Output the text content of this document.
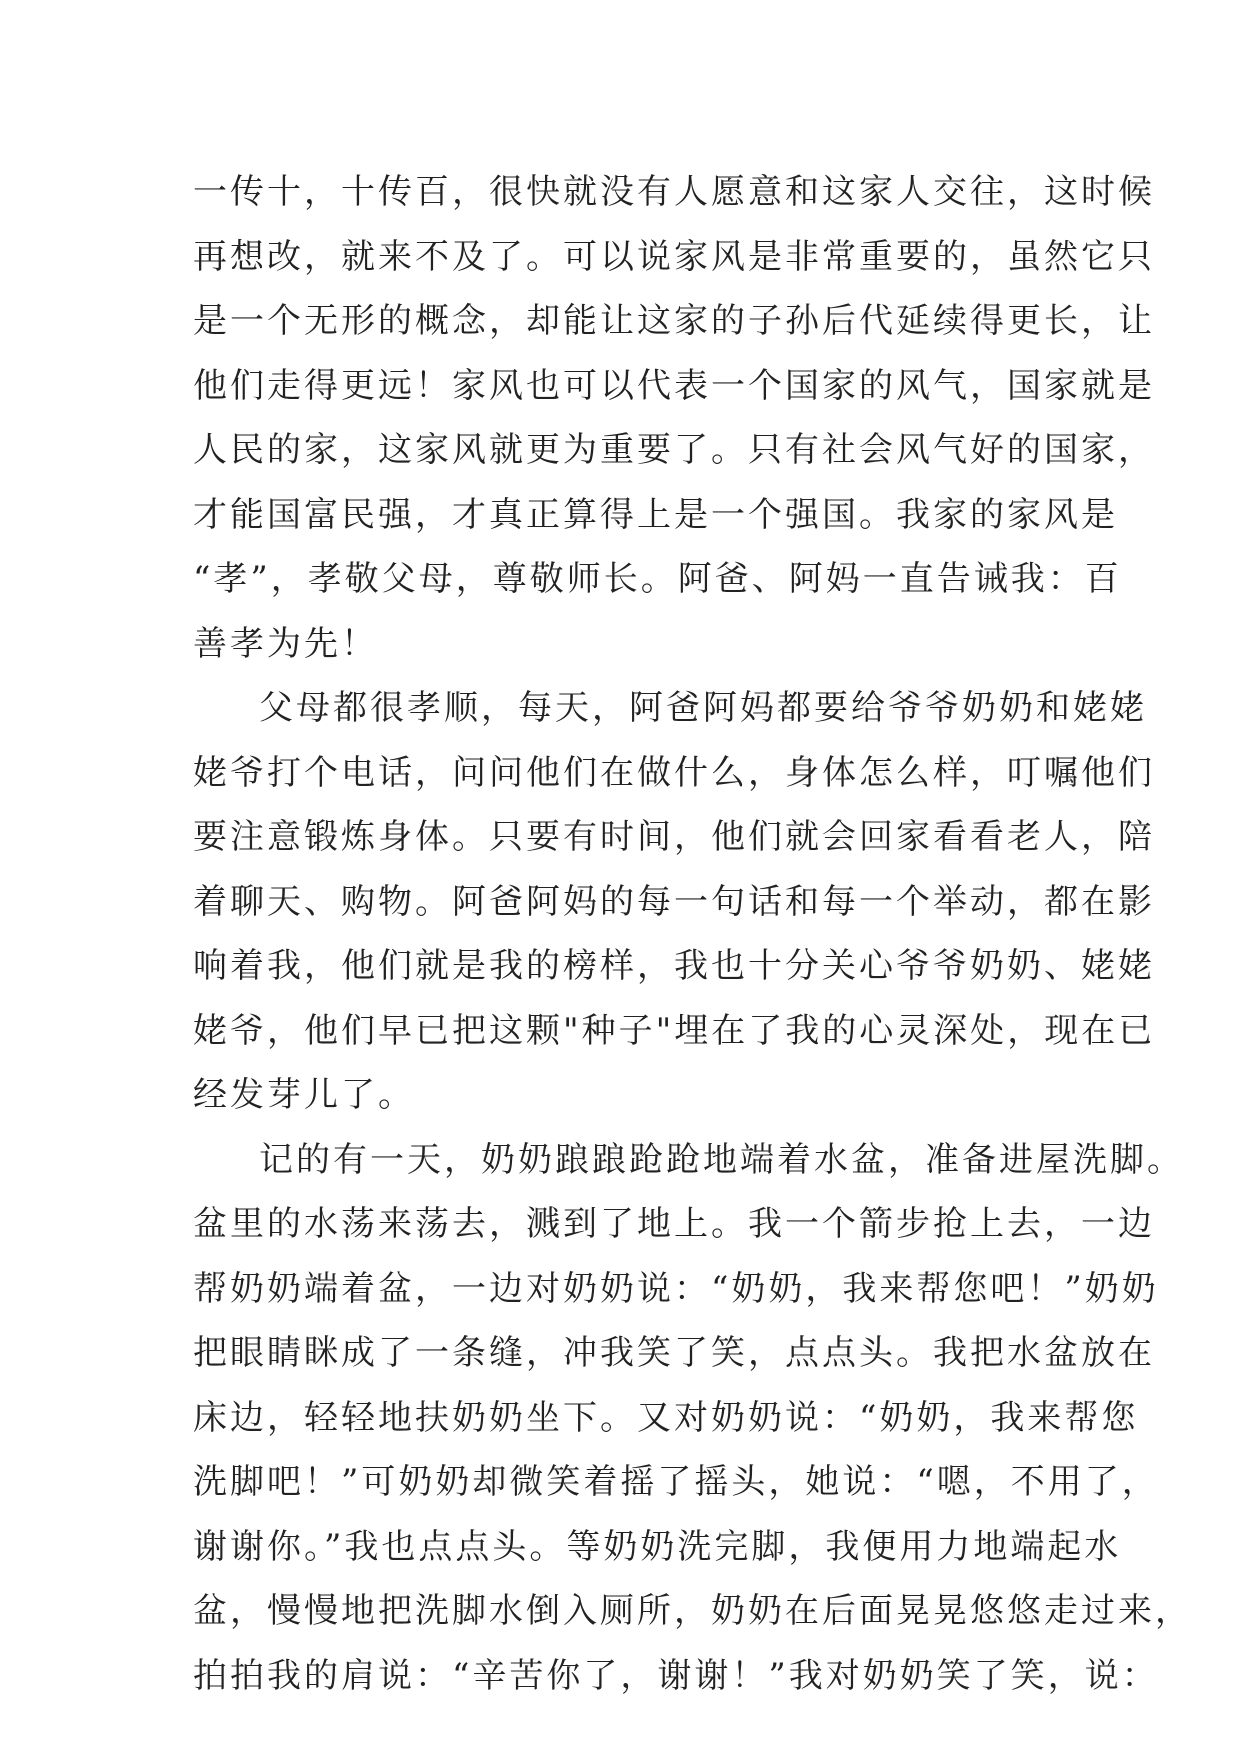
一传十，十传百，很快就没有人愿意和这家人交往，这时候
再想改，就来不及了。可以说家风是非常重要的，虽然它只
是一个无形的概念，却能让这家的子孙后代延续得更长，让
他们走得更远！家风也可以代表一个国家的风气，国家就是
人民的家，这家风就更为重要了。只有社会风气好的国家，
才能国富民强，才真正算得上是一个强国。我家的家风是
“孝”，孝敬父母，尊敬师长。阿爸、阿妈一直告诫我：百
善孝为先！
父母都很孝顺，每天，阿爸阿妈都要给爷爷奶奶和姥姥
姥爷打个电话，问问他们在做什么，身体怎么样，叮嘱他们
要注意锻炼身体。只要有时间，他们就会回家看看老人，陪
着聊天、购物。阿爸阿妈的每一句话和每一个举动，都在影
响着我，他们就是我的榜样，我也十分关心爷爷奶奶、姥姥
姥爷，他们早已把这颗"种子"埋在了我的心灵深处，现在已
经发芽儿了。
记的有一天，奶奶踉踉跄跄地端着水盆，准备进屋洗脚。
盆里的水荡来荡去，溅到了地上。我一个箭步抢上去，一边
帮奶奶端着盆，一边对奶奶说：“奶奶，我来帮您吧！”奶奶
把眼睛眯成了一条缝，冲我笑了笑，点点头。我把水盆放在
床边，轻轻地扶奶奶坐下。又对奶奶说：“奶奶，我来帮您
洗脚吧！”可奶奶却微笑着摇了摇头，她说：“嗯，不用了，
谢谢你。”我也点点头。等奶奶洗完脚，我便用力地端起水
盆，慢慢地把洗脚水倒入厕所，奶奶在后面晃晃悠悠走过来，
拍拍我的肩说：“辛苦你了，谢谢！”我对奶奶笑了笑，说：
